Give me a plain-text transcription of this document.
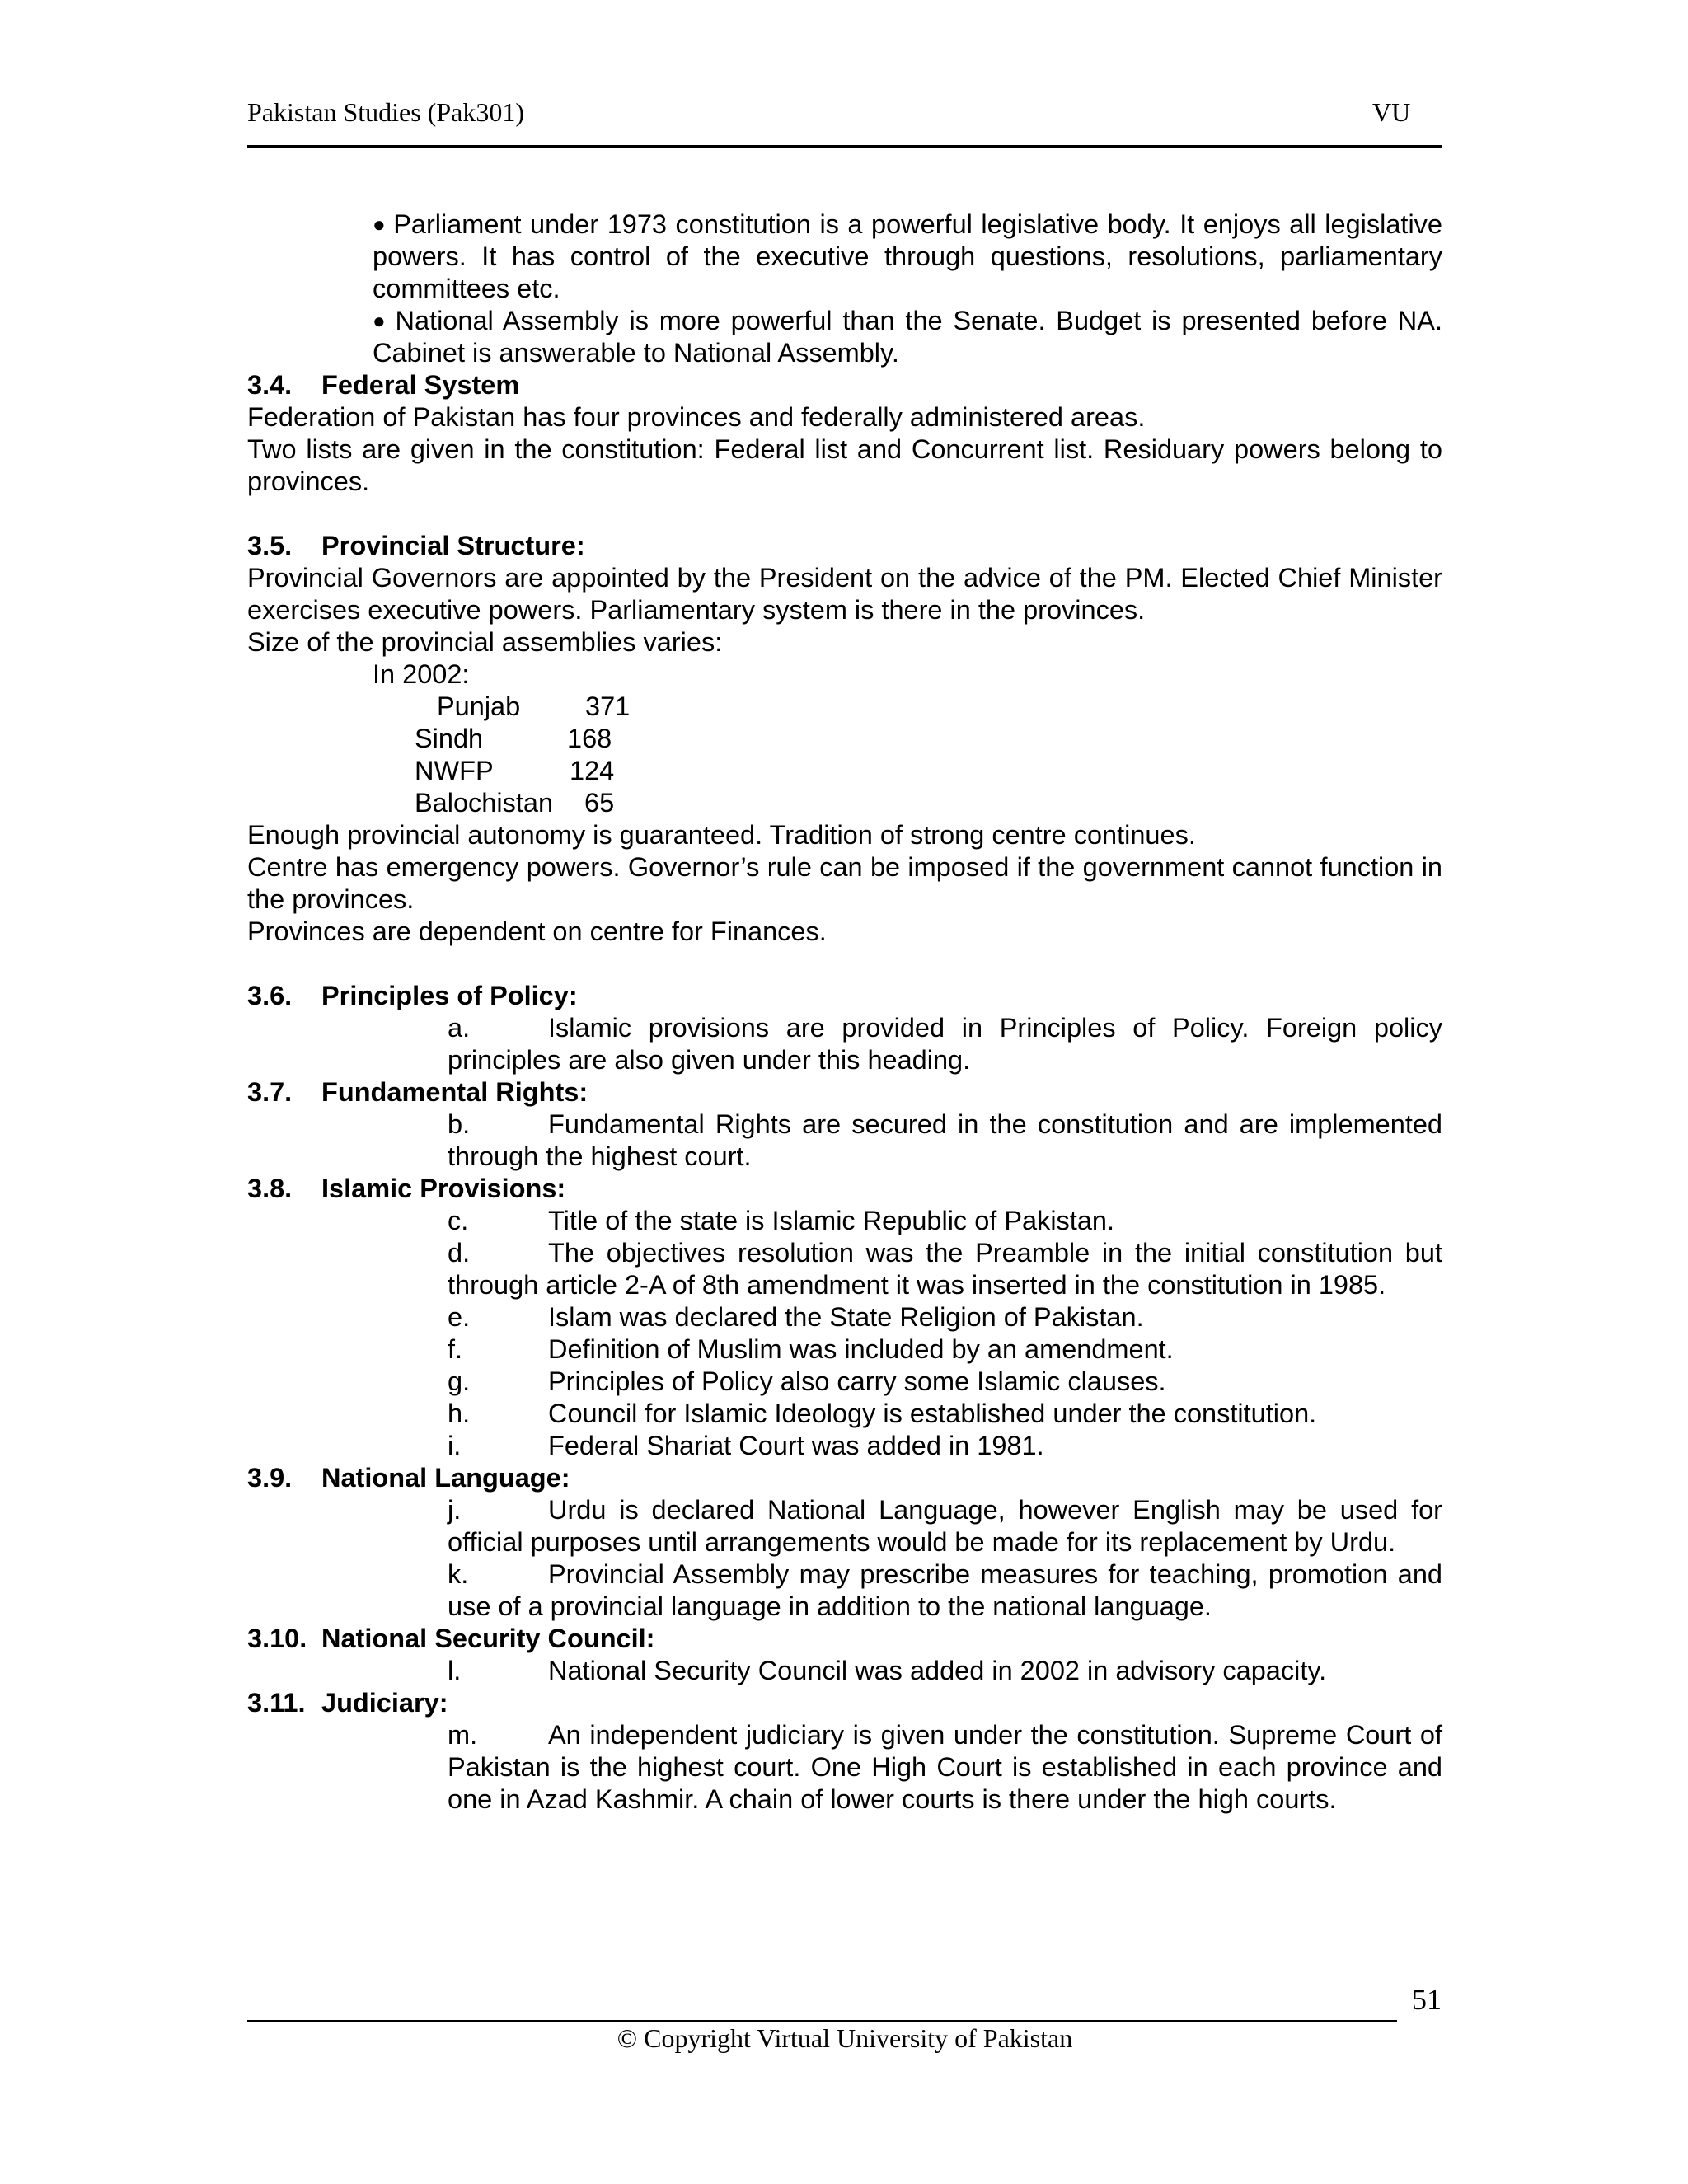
Pakistan Studies (Pak301)	VU

● Parliament under 1973 constitution is a powerful legislative body. It enjoys all legislative powers. It has control of the executive through questions, resolutions, parliamentary committees etc.

● National Assembly is more powerful than the Senate. Budget is presented before NA. Cabinet is answerable to National Assembly.

3.4. Federal System

Federation of Pakistan has four provinces and federally administered areas.

Two lists are given in the constitution: Federal list and Concurrent list. Residuary powers belong to provinces.

3.5. Provincial Structure:

Provincial Governors are appointed by the President on the advice of the PM. Elected Chief Minister exercises executive powers. Parliamentary system is there in the provinces.

Size of the provincial assemblies varies:

In 2002:

Punjab 371
Sindh	168
NWFP	124
Balochistan 65

Enough provincial autonomy is guaranteed. Tradition of strong centre continues.

Centre has emergency powers. Governor’s rule can be imposed if the government cannot function in the provinces.

Provinces are dependent on centre for Finances.

3.6. Principles of Policy:

a.	Islamic provisions are provided in Principles of Policy. Foreign policy principles are also given under this heading.

3.7. Fundamental Rights:

b.	Fundamental Rights are secured in the constitution and are implemented through the highest court.

3.8. Islamic Provisions:

c.	Title of the state is Islamic Republic of Pakistan.

d.	The objectives resolution was the Preamble in the initial constitution but through article 2-A of 8th amendment it was inserted in the constitution in 1985.

e.	Islam was declared the State Religion of Pakistan.

f.	Definition of Muslim was included by an amendment.

g.	Principles of Policy also carry some Islamic clauses.

h.	Council for Islamic Ideology is established under the constitution.

i.	Federal Shariat Court was added in 1981.

3.9. National Language:

j.	Urdu is declared National Language, however English may be used for official purposes until arrangements would be made for its replacement by Urdu.

k.	Provincial Assembly may prescribe measures for teaching, promotion and use of a provincial language in addition to the national language.

3.10. National Security Council:

l.	National Security Council was added in 2002 in advisory capacity.

3.11. Judiciary:

m.	An independent judiciary is given under the constitution. Supreme Court of Pakistan is the highest court. One High Court is established in each province and one in Azad Kashmir. A chain of lower courts is there under the high courts.

51
© Copyright Virtual University of Pakistan
